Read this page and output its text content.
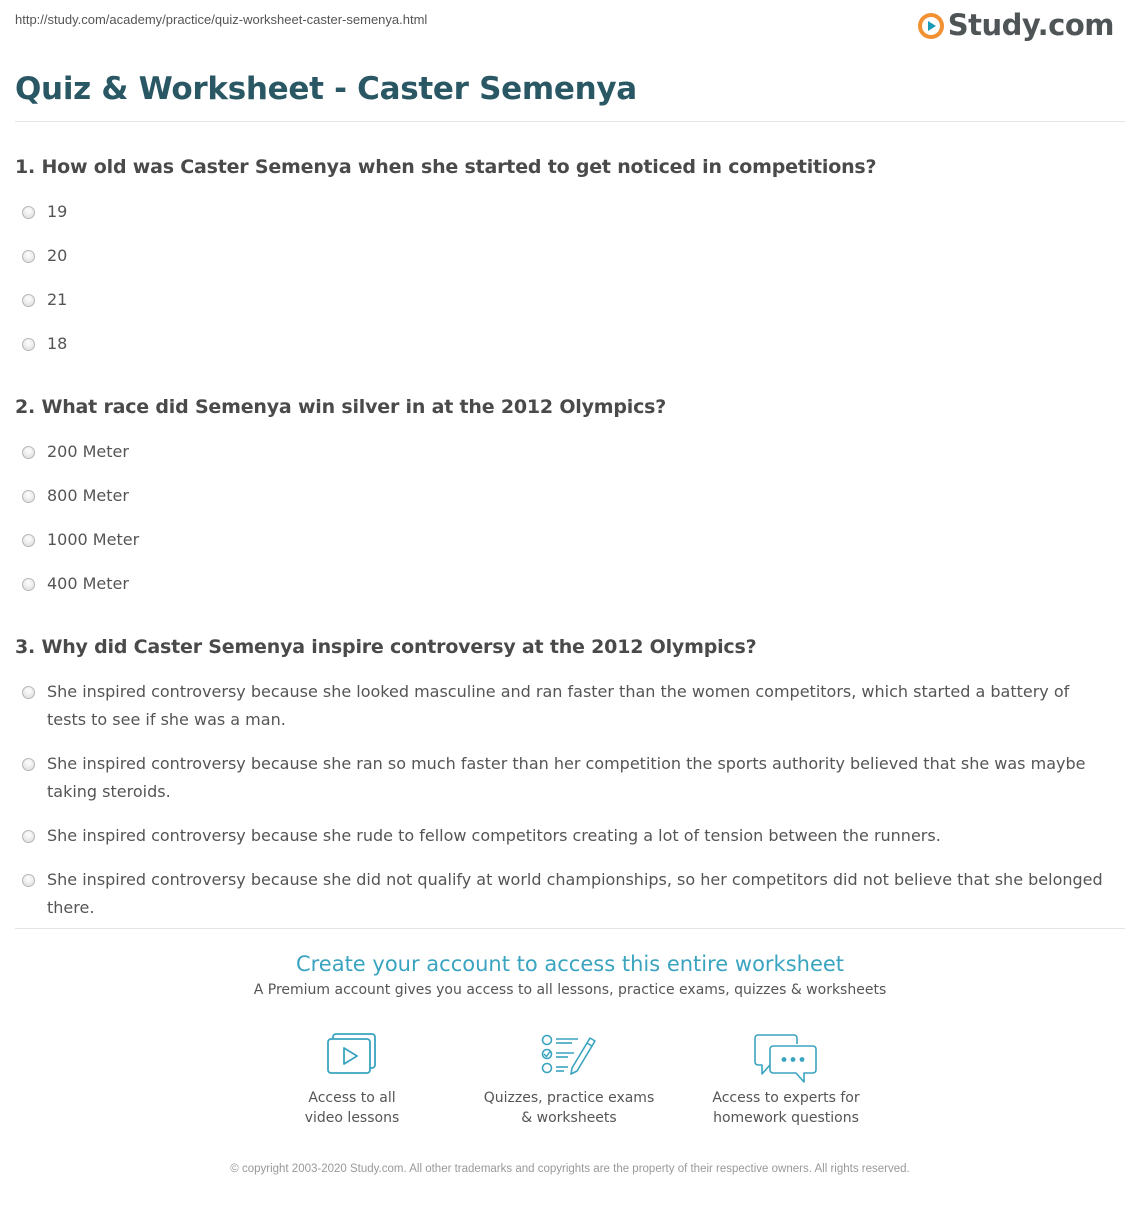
http://study.com/academy/practice/quiz-worksheet-caster-semenya.html	Study.com
Quiz & Worksheet - Caster Semenya
1. How old was Caster Semenya when she started to get noticed in competitions?
19
20
21
18
2. What race did Semenya win silver in at the 2012 Olympics?
200 Meter
800 Meter
1000 Meter
400 Meter
3. Why did Caster Semenya inspire controversy at the 2012 Olympics?
She inspired controversy because she looked masculine and ran faster than the women competitors, which started a battery of tests to see if she was a man.
She inspired controversy because she ran so much faster than her competition the sports authority believed that she was maybe taking steroids.
She inspired controversy because she rude to fellow competitors creating a lot of tension between the runners.
She inspired controversy because she did not qualify at world championships, so her competitors did not believe that she belonged there.
Create your account to access this entire worksheet
A Premium account gives you access to all lessons, practice exams, quizzes & worksheets
Access to all
video lessons
Quizzes, practice exams
& worksheets
Access to experts for
homework questions
© copyright 2003-2020 Study.com. All other trademarks and copyrights are the property of their respective owners. All rights reserved.
